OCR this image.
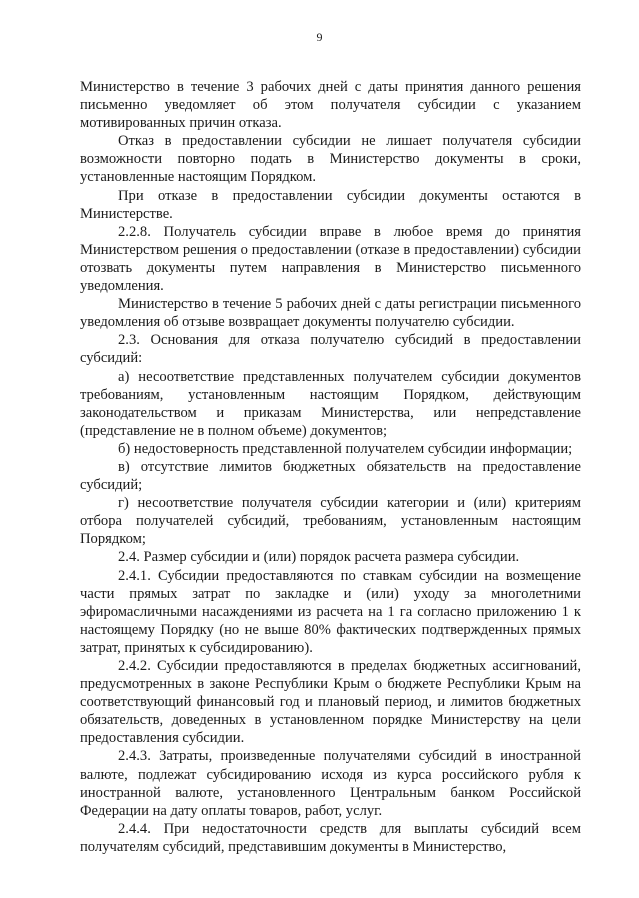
9

Министерство в течение 3 рабочих дней с даты принятия данного решения письменно уведомляет об этом получателя субсидии с указанием мотивированных причин отказа.

Отказ в предоставлении субсидии не лишает получателя субсидии возможности повторно подать в Министерство документы в сроки, установленные настоящим Порядком.

При отказе в предоставлении субсидии документы остаются в Министерстве.

2.2.8. Получатель субсидии вправе в любое время до принятия Министерством решения о предоставлении (отказе в предоставлении) субсидии отозвать документы путем направления в Министерство письменного уведомления.

Министерство в течение 5 рабочих дней с даты регистрации письменного уведомления об отзыве возвращает документы получателю субсидии.

2.3. Основания для отказа получателю субсидий в предоставлении субсидий:

а) несоответствие представленных получателем субсидии документов требованиям, установленным настоящим Порядком, действующим законодательством и приказам Министерства, или непредставление (представление не в полном объеме) документов;

б) недостоверность представленной получателем субсидии информации;

в) отсутствие лимитов бюджетных обязательств на предоставление субсидий;

г) несоответствие получателя субсидии категории и (или) критериям отбора получателей субсидий, требованиям, установленным настоящим Порядком;

2.4. Размер субсидии и (или) порядок расчета размера субсидии.

2.4.1. Субсидии предоставляются по ставкам субсидии на возмещение части прямых затрат по закладке и (или) уходу за многолетними эфиромасличными насаждениями из расчета на 1 га согласно приложению 1 к настоящему Порядку (но не выше 80% фактических подтвержденных прямых затрат, принятых к субсидированию).

2.4.2. Субсидии предоставляются в пределах бюджетных ассигнований, предусмотренных в законе Республики Крым о бюджете Республики Крым на соответствующий финансовый год и плановый период, и лимитов бюджетных обязательств, доведенных в установленном порядке Министерству на цели предоставления субсидии.

2.4.3. Затраты, произведенные получателями субсидий в иностранной валюте, подлежат субсидированию исходя из курса российского рубля к иностранной валюте, установленного Центральным банком Российской Федерации на дату оплаты товаров, работ, услуг.

2.4.4. При недостаточности средств для выплаты субсидий всем получателям субсидий, представившим документы в Министерство,
